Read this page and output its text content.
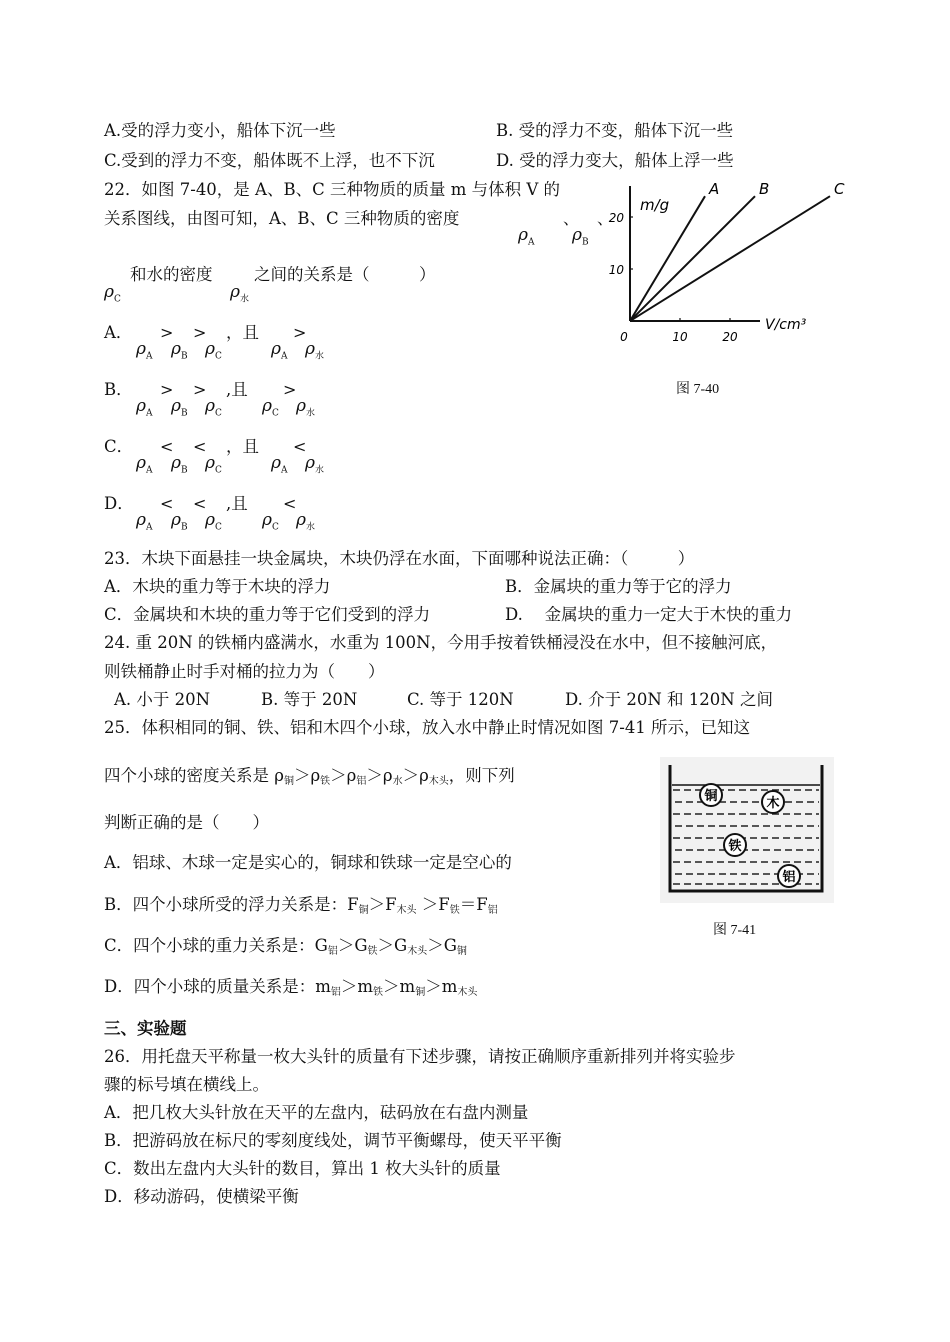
A.受的浮力变小，船体下沉一些	B. 受的浮力不变，船体下沉一些
C.受到的浮力不变，船体既不上浮，也不下沉	D. 受的浮力变大，船体上浮一些
22．如图 7-40，是 A、B、C 三种物质的质量 m 与体积 V 的
关系图线，由图可知，A、B、C 三种物质的密度	、 、
$\rho_A$ $\rho_B$
和水的密度	之间的关系是（　　　）
$\rho_C$	$\rho_水$
A． > > ，且 >
$\rho_A$ $\rho_B$ $\rho_C$	$\rho_A$ $\rho_水$
B． > > ,且 >
$\rho_A$ $\rho_B$ $\rho_C$ $\rho_C$ $\rho_水$
C． < < ，且 <
$\rho_A$ $\rho_B$ $\rho_C$	$\rho_A$ $\rho_水$
D． < < ,且 <
$\rho_A$ $\rho_B$ $\rho_C$ $\rho_C$ $\rho_水$
m/g
V/cm³
0	10	20
10
20
A	B	C
图 7-40
23．木块下面悬挂一块金属块，木块仍浮在水面，下面哪种说法正确：（　　　）
A．木块的重力等于木块的浮力	B．金属块的重力等于它的浮力
C．金属块和木块的重力等于它们受到的浮力	D.　 金属块的重力一定大于木快的重力
24. 重 20N 的铁桶内盛满水，水重为 100N，今用手按着铁桶浸没在水中，但不接触河底，
则铁桶静止时手对桶的拉力为（　　）
A. 小于 20N	B. 等于 20N	C. 等于 120N	D. 介于 20N 和 120N 之间
25．体积相同的铜、铁、铝和木四个小球，放入水中静止时情况如图 7-41 所示，已知这
四个小球的密度关系是 ρ铜＞ρ铁＞ρ铝＞ρ水＞ρ木头，则下列
判断正确的是（　　）
A．铝球、木球一定是实心的，铜球和铁球一定是空心的
B．四个小球所受的浮力关系是：F铜＞F木头 ＞F铁＝F铝
C．四个小球的重力关系是：G铝＞G铁＞G木头＞G铜
D．四个小球的质量关系是：m铝＞m铁＞m铜＞m木头
铜	木
铁
铝
图 7-41
三、实验题
26．用托盘天平称量一枚大头针的质量有下述步骤，请按正确顺序重新排列并将实验步
骤的标号填在横线上。
A．把几枚大头针放在天平的左盘内，砝码放在右盘内测量
B．把游码放在标尺的零刻度线处，调节平衡螺母，使天平平衡
C．数出左盘内大头针的数目，算出 1 枚大头针的质量
D．移动游码，使横梁平衡
